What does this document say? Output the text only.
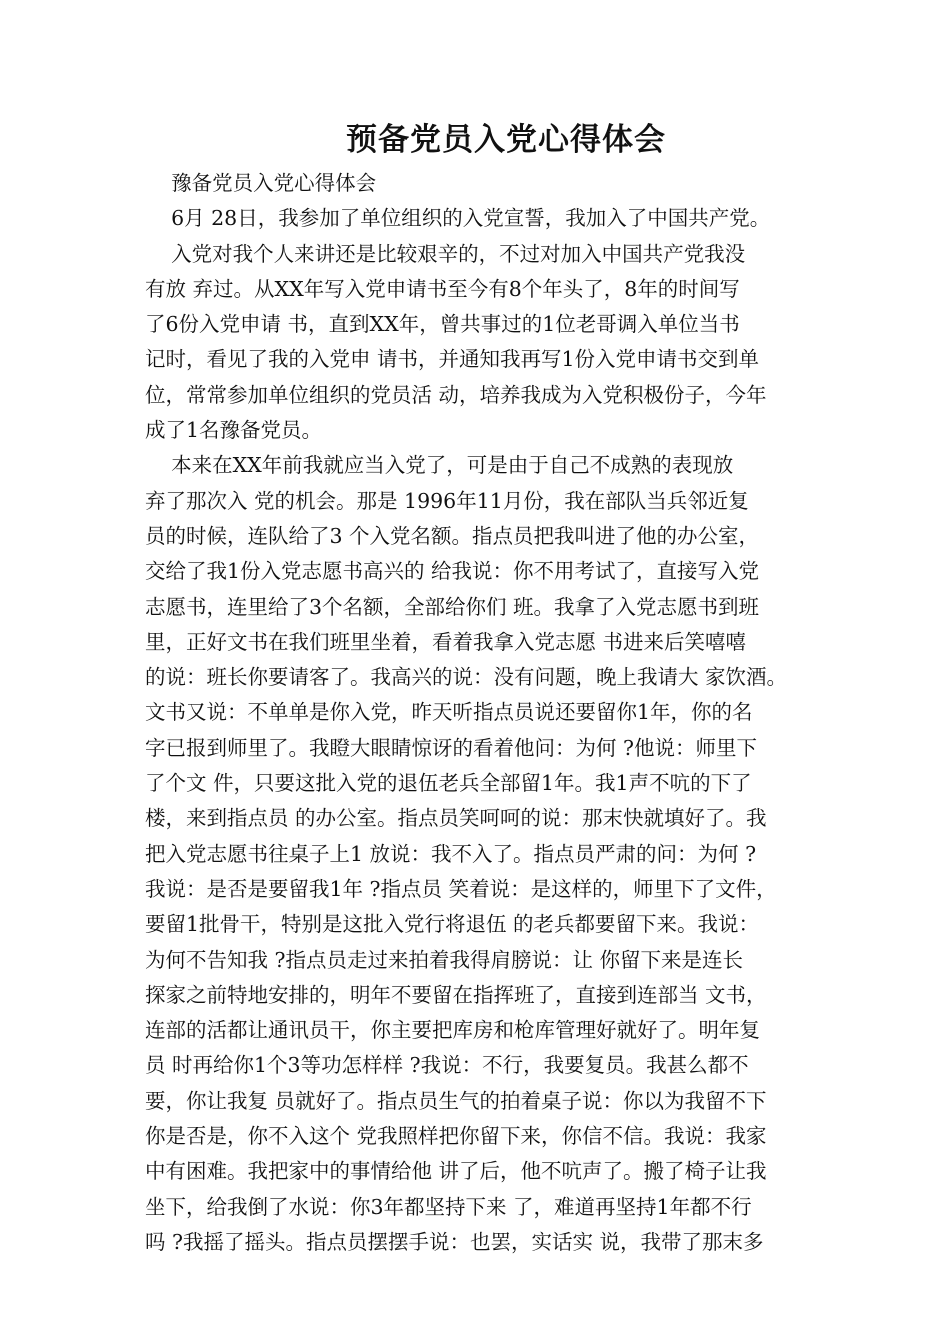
预备党员入党心得体会
豫备党员入党心得体会
6月 28日，我参加了单位组织的入党宣誓，我加入了中国共产党。
入党对我个人来讲还是比较艰辛的，不过对加入中国共产党我没
有放 弃过。从XX年写入党申请书至今有8个年头了，8年的时间写
了6份入党申请 书，直到XX年，曾共事过的1位老哥调入单位当书
记时，看见了我的入党申 请书，并通知我再写1份入党申请书交到单
位，常常参加单位组织的党员活 动，培养我成为入党积极份子，今年
成了1名豫备党员。
本来在XX年前我就应当入党了，可是由于自己不成熟的表现放
弃了那次入 党的机会。那是 1996年11月份，我在部队当兵邻近复
员的时候，连队给了3 个入党名额。指点员把我叫进了他的办公室，
交给了我1份入党志愿书高兴的 给我说：你不用考试了，直接写入党
志愿书，连里给了3个名额，全部给你们 班。我拿了入党志愿书到班
里，正好文书在我们班里坐着，看着我拿入党志愿 书进来后笑嘻嘻
的说：班长你要请客了。我高兴的说：没有问题，晚上我请大 家饮酒。
文书又说：不单单是你入党，昨天听指点员说还要留你1年，你的名
字已报到师里了。我瞪大眼睛惊讶的看着他问：为何 ?他说：师里下
了个文 件，只要这批入党的退伍老兵全部留1年。我1声不吭的下了
楼，来到指点员 的办公室。指点员笑呵呵的说：那末快就填好了。我
把入党志愿书往桌子上1 放说：我不入了。指点员严肃的问：为何 ?
我说：是否是要留我1年 ?指点员 笑着说：是这样的，师里下了文件，
要留1批骨干，特别是这批入党行将退伍 的老兵都要留下来。我说：
为何不告知我 ?指点员走过来拍着我得肩膀说：让 你留下来是连长
探家之前特地安排的，明年不要留在指挥班了，直接到连部当 文书，
连部的活都让通讯员干，你主要把库房和枪库管理好就好了。明年复
员 时再给你1个3等功怎样样 ?我说：不行，我要复员。我甚么都不
要，你让我复 员就好了。指点员生气的拍着桌子说：你以为我留不下
你是否是，你不入这个 党我照样把你留下来，你信不信。我说：我家
中有困难。我把家中的事情给他 讲了后，他不吭声了。搬了椅子让我
坐下，给我倒了水说：你3年都坚持下来 了，难道再坚持1年都不行
吗 ?我摇了摇头。指点员摆摆手说：也罢，实话实 说，我带了那末多
